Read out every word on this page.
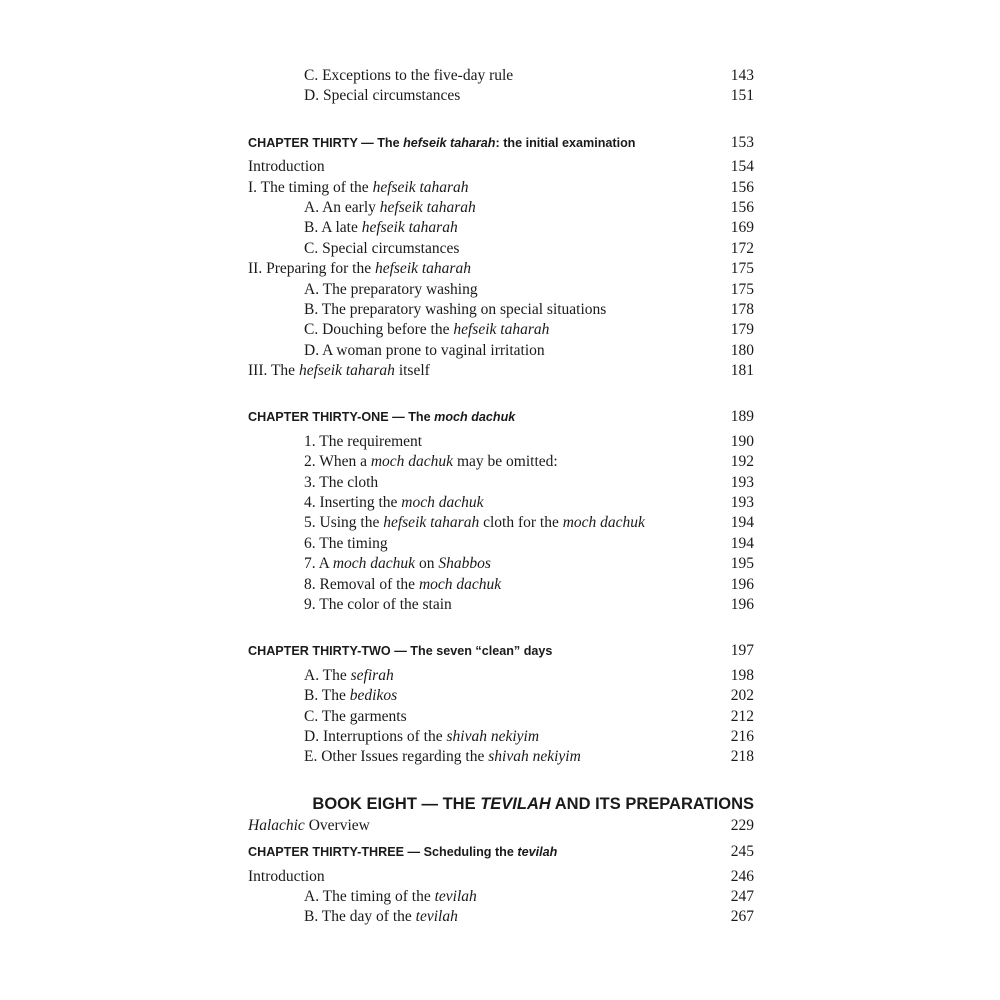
C. Exceptions to the five-day rule	143
D. Special circumstances	151
CHAPTER THIRTY — The hefseik taharah: the initial examination	153
Introduction	154
I. The timing of the hefseik taharah	156
A. An early hefseik taharah	156
B. A late hefseik taharah	169
C. Special circumstances	172
II. Preparing for the hefseik taharah	175
A. The preparatory washing	175
B. The preparatory washing on special situations	178
C. Douching before the hefseik taharah	179
D. A woman prone to vaginal irritation	180
III. The hefseik taharah itself	181
CHAPTER THIRTY-ONE — The moch dachuk	189
1. The requirement	190
2. When a moch dachuk may be omitted:	192
3. The cloth	193
4. Inserting the moch dachuk	193
5. Using the hefseik taharah cloth for the moch dachuk	194
6. The timing	194
7. A moch dachuk on Shabbos	195
8. Removal of the moch dachuk	196
9. The color of the stain	196
CHAPTER THIRTY-TWO — The seven “clean” days	197
A. The sefirah	198
B. The bedikos	202
C. The garments	212
D. Interruptions of the shivah nekiyim	216
E. Other Issues regarding the shivah nekiyim	218
BOOK EIGHT — THE TEVILAH AND ITS PREPARATIONS
Halachic Overview	229
CHAPTER THIRTY-THREE — Scheduling the tevilah	245
Introduction	246
A. The timing of the tevilah	247
B. The day of the tevilah	267
